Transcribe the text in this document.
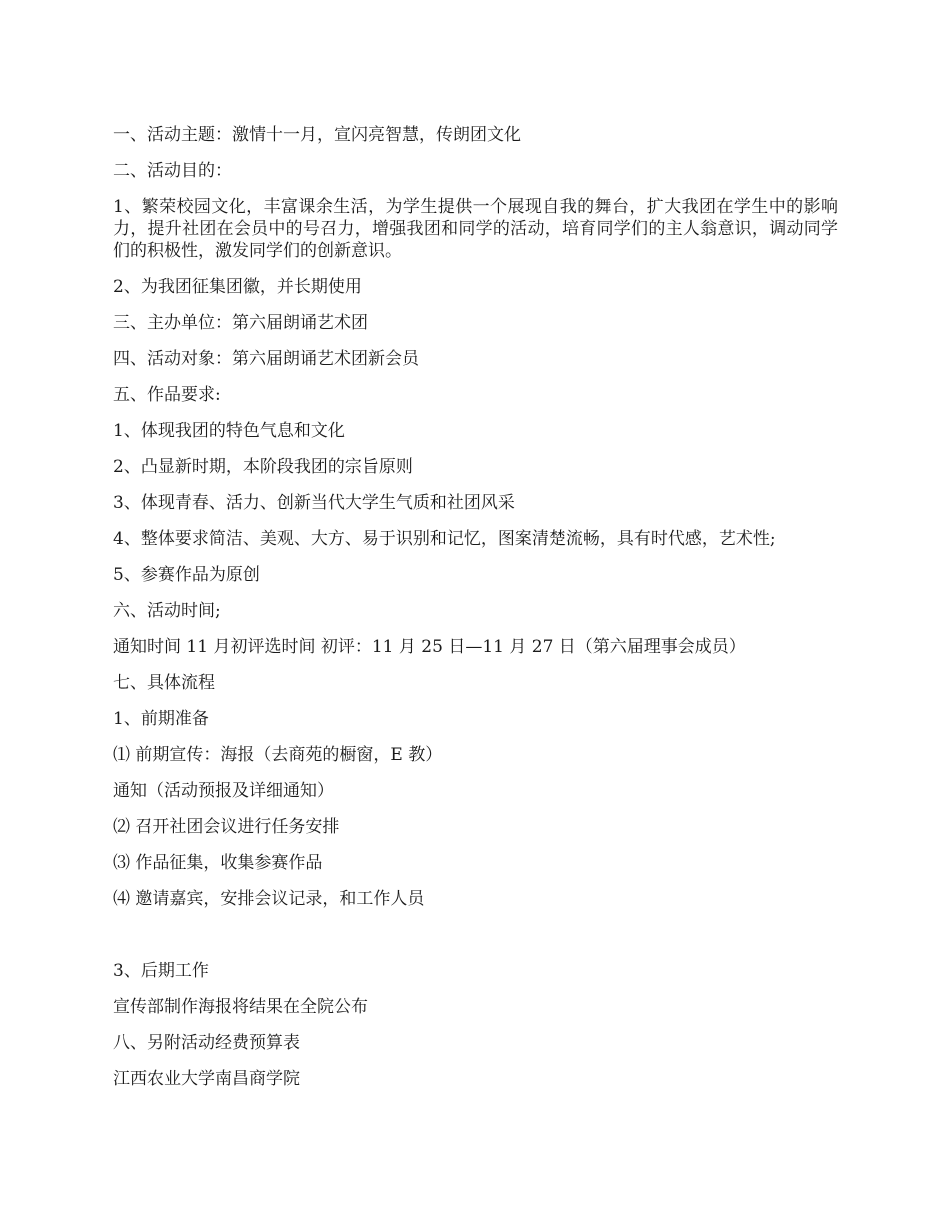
一、活动主题：激情十一月，宣闪亮智慧，传朗团文化

二、活动目的：

1、繁荣校园文化，丰富课余生活，为学生提供一个展现自我的舞台，扩大我团在学生中的影响力，提升社团在会员中的号召力，增强我团和同学的活动，培育同学们的主人翁意识，调动同学们的积极性，激发同学们的创新意识。

2、为我团征集团徽，并长期使用

三、主办单位：第六届朗诵艺术团

四、活动对象：第六届朗诵艺术团新会员

五、作品要求:

1、体现我团的特色气息和文化

2、凸显新时期，本阶段我团的宗旨原则

3、体现青春、活力、创新当代大学生气质和社团风采

4、整体要求简洁、美观、大方、易于识别和记忆，图案清楚流畅，具有时代感，艺术性;

5、参赛作品为原创

六、活动时间;

通知时间 11 月初评选时间 初评：11 月 25 日—11 月 27 日（第六届理事会成员）

七、具体流程

1、前期准备

⑴ 前期宣传：海报（去商苑的橱窗，E 教）

通知（活动预报及详细通知）

⑵ 召开社团会议进行任务安排

⑶ 作品征集，收集参赛作品

⑷ 邀请嘉宾，安排会议记录，和工作人员

3、后期工作

宣传部制作海报将结果在全院公布

八、另附活动经费预算表

江西农业大学南昌商学院
